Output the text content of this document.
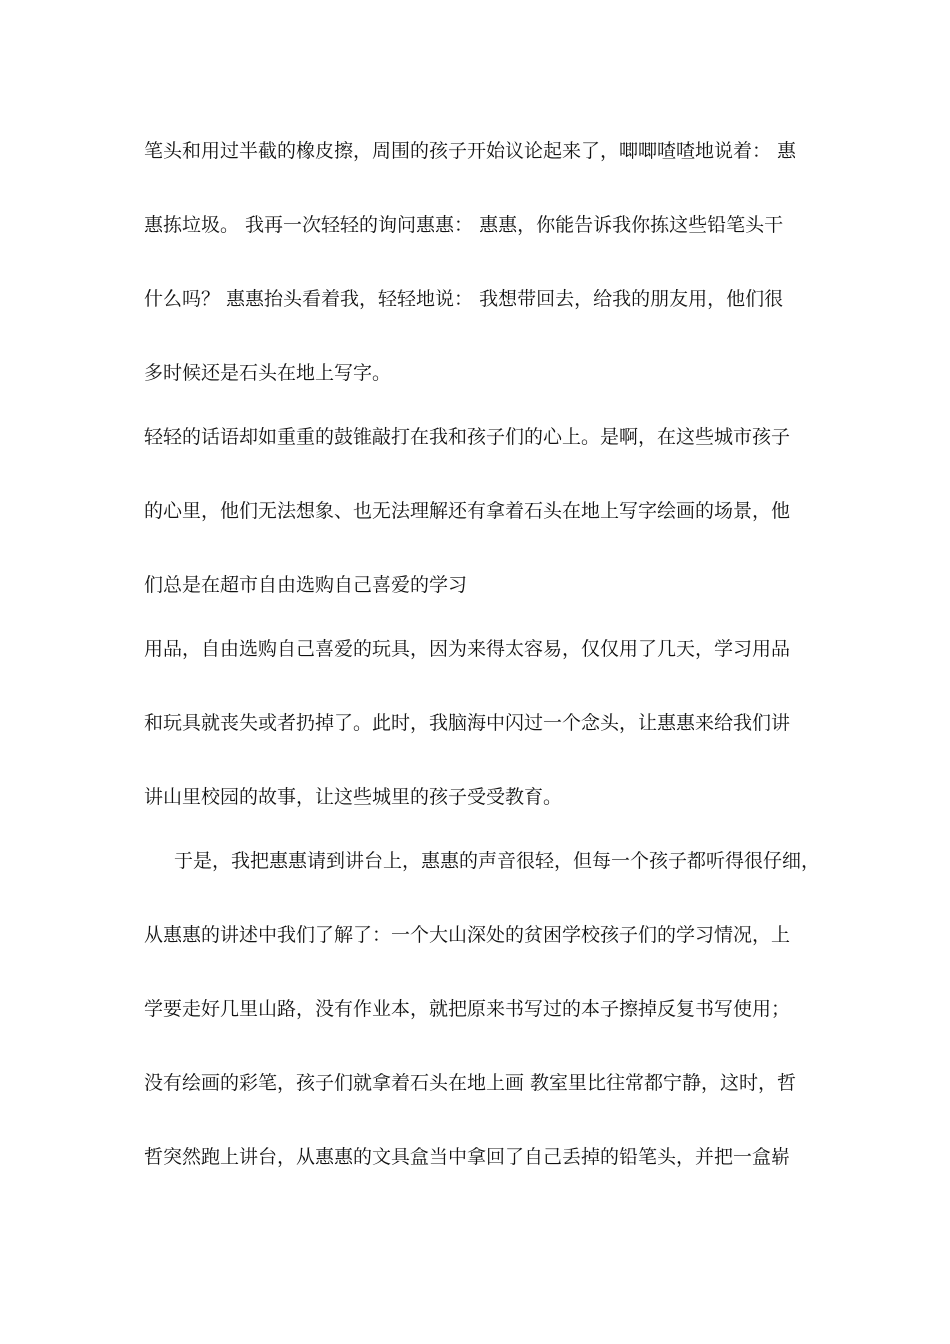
笔头和用过半截的橡皮擦，周围的孩子开始议论起来了，唧唧喳喳地说着： 惠
惠拣垃圾。 我再一次轻轻的询问惠惠： 惠惠，你能告诉我你拣这些铅笔头干
什么吗？ 惠惠抬头看着我，轻轻地说： 我想带回去，给我的朋友用，他们很
多时候还是石头在地上写字。
轻轻的话语却如重重的鼓锥敲打在我和孩子们的心上。是啊，在这些城市孩子
的心里，他们无法想象、也无法理解还有拿着石头在地上写字绘画的场景，他
们总是在超市自由选购自己喜爱的学习
用品，自由选购自己喜爱的玩具，因为来得太容易，仅仅用了几天，学习用品
和玩具就丧失或者扔掉了。此时，我脑海中闪过一个念头，让惠惠来给我们讲
讲山里校园的故事，让这些城里的孩子受受教育。
于是，我把惠惠请到讲台上，惠惠的声音很轻，但每一个孩子都听得很仔细，
从惠惠的讲述中我们了解了：一个大山深处的贫困学校孩子们的学习情况，上
学要走好几里山路，没有作业本，就把原来书写过的本子擦掉反复书写使用；
没有绘画的彩笔，孩子们就拿着石头在地上画 教室里比往常都宁静，这时，哲
哲突然跑上讲台，从惠惠的文具盒当中拿回了自己丢掉的铅笔头，并把一盒崭
